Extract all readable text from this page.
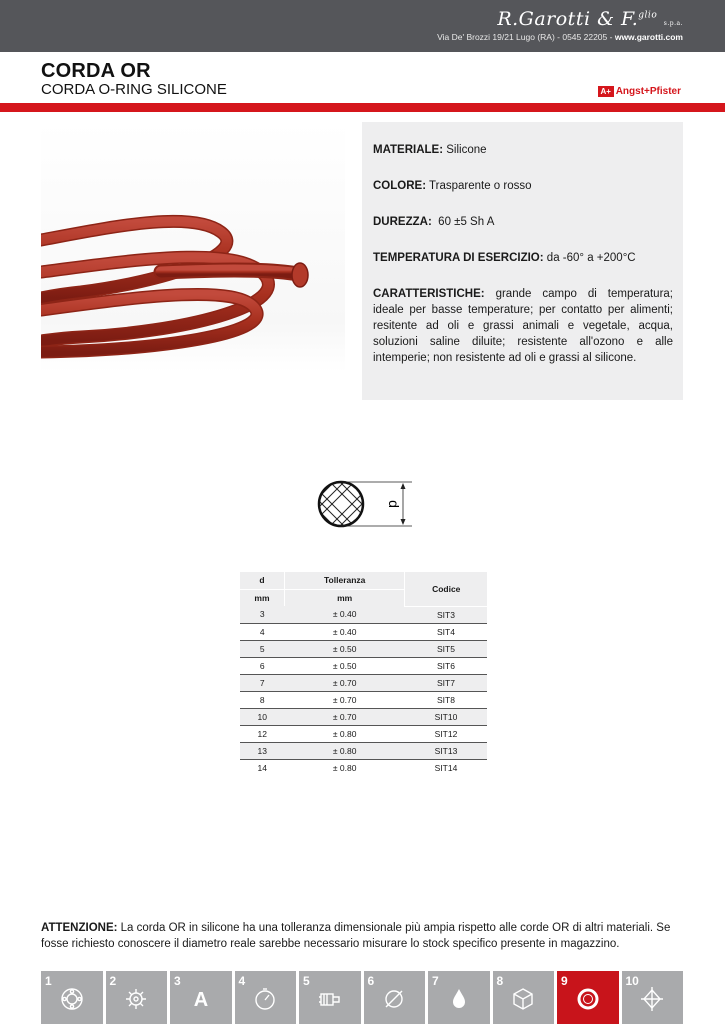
R.Garotti & F.$^{glio}$ s.p.a.
Via De' Brozzi 19/21 Lugo (RA) - 0545 22205 - www.garotti.com
CORDA OR
CORDA O-RING SILICONE	A+ Angst+Pfister
MATERIALE: Silicone
COLORE: Trasparente o rosso
DUREZZA: 60 ±5 Sh A
TEMPERATURA DI ESERCIZIO: da -60° a +200°C
CARATTERISTICHE: grande campo di temperatura; ideale per basse temperature; per contatto per alimenti; resitente ad oli e grassi animali e vegetale, acqua, soluzioni saline diluite; resistente all'ozono e alle intemperie; non resistente ad oli e grassi al silicone.
d
d	Tolleranza	Codice
mm	mm	
3	± 0.40	SIT3
4	± 0.40	SIT4
5	± 0.50	SIT5
6	± 0.50	SIT6
7	± 0.70	SIT7
8	± 0.70	SIT8
10	± 0.70	SIT10
12	± 0.80	SIT12
13	± 0.80	SIT13
14	± 0.80	SIT14
ATTENZIONE: La corda OR in silicone ha una tolleranza dimensionale più ampia rispetto alle corde OR di altri materiali. Se fosse richiesto conoscere il diametro reale sarebbe necessario misurare lo stock specifico presente in magazzino.
1	2	3
A
4	5	6	7	8	9	10
